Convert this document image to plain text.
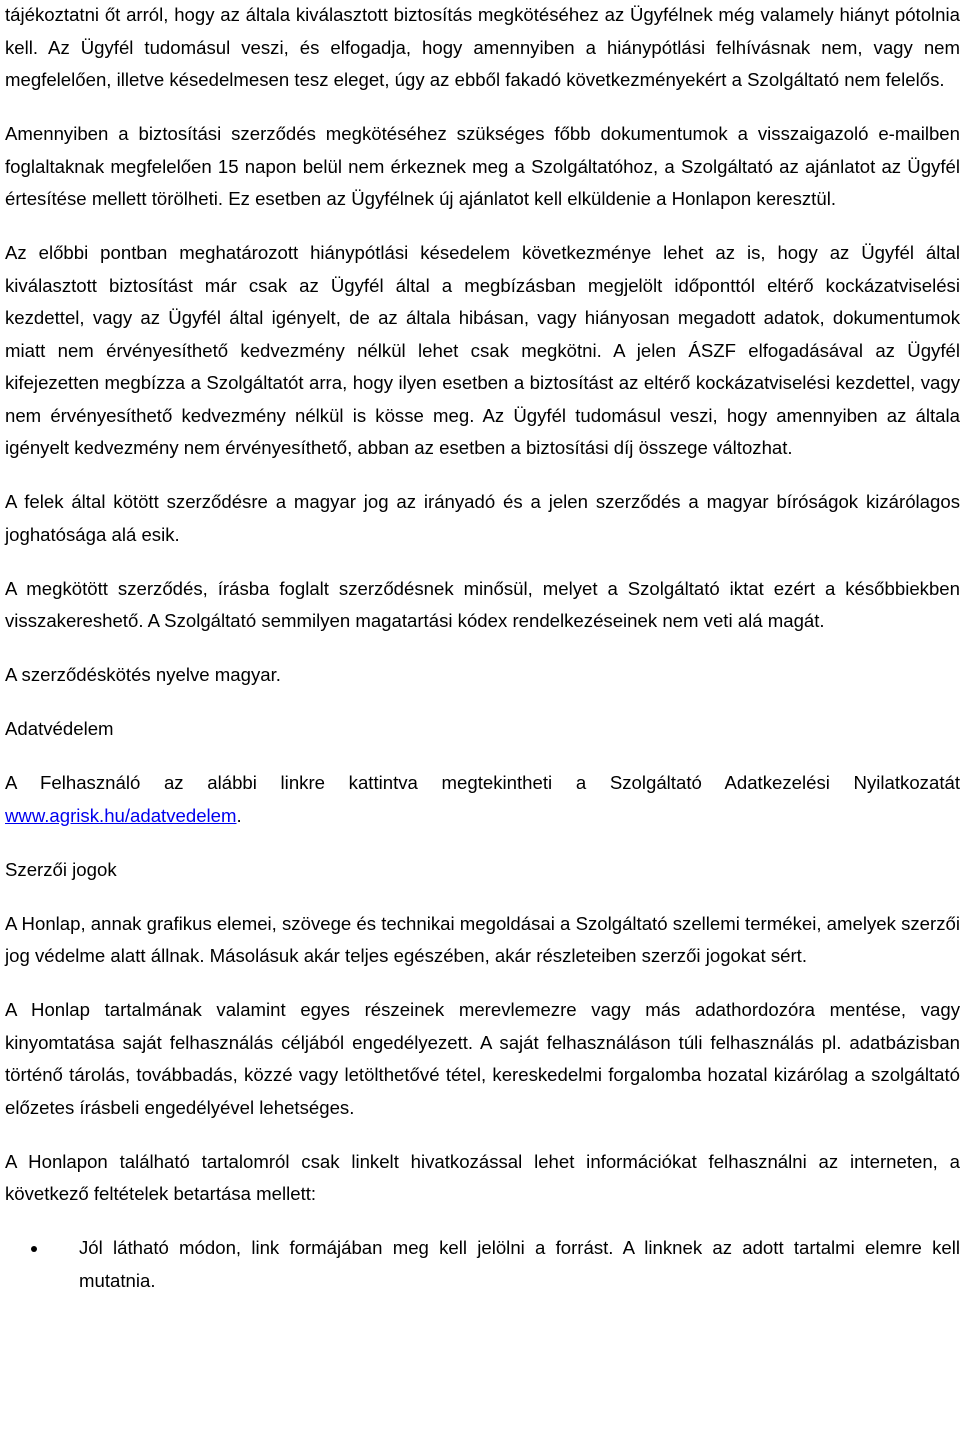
tájékoztatni őt arról, hogy az általa kiválasztott biztosítás megkötéséhez az Ügyfélnek még valamely hiányt pótolnia kell. Az Ügyfél tudomásul veszi, és elfogadja, hogy amennyiben a hiánypótlási felhívásnak nem, vagy nem megfelelően, illetve késedelmesen tesz eleget, úgy az ebből fakadó következményekért a Szolgáltató nem felelős.

Amennyiben a biztosítási szerződés megkötéséhez szükséges főbb dokumentumok a visszaigazoló e-mailben foglaltaknak megfelelően 15 napon belül nem érkeznek meg a Szolgáltatóhoz, a Szolgáltató az ajánlatot az Ügyfél értesítése mellett törölheti. Ez esetben az Ügyfélnek új ajánlatot kell elküldenie a Honlapon keresztül.

Az előbbi pontban meghatározott hiánypótlási késedelem következménye lehet az is, hogy az Ügyfél által kiválasztott biztosítást már csak az Ügyfél által a megbízásban megjelölt időponttól eltérő kockázatviselési kezdettel, vagy az Ügyfél által igényelt, de az általa hibásan, vagy hiányosan megadott adatok, dokumentumok miatt nem érvényesíthető kedvezmény nélkül lehet csak megkötni. A jelen ÁSZF elfogadásával az Ügyfél kifejezetten megbízza a Szolgáltatót arra, hogy ilyen esetben a biztosítást az eltérő kockázatviselési kezdettel, vagy nem érvényesíthető kedvezmény nélkül is kösse meg. Az Ügyfél tudomásul veszi, hogy amennyiben az általa igényelt kedvezmény nem érvényesíthető, abban az esetben a biztosítási díj összege változhat.

A felek által kötött szerződésre a magyar jog az irányadó és a jelen szerződés a magyar bíróságok kizárólagos joghatósága alá esik.

A megkötött szerződés, írásba foglalt szerződésnek minősül, melyet a Szolgáltató iktat ezért a későbbiekben visszakereshető. A Szolgáltató semmilyen magatartási kódex rendelkezéseinek nem veti alá magát.

A szerződéskötés nyelve magyar.

Adatvédelem

A Felhasználó az alábbi linkre kattintva megtekintheti a Szolgáltató Adatkezelési Nyilatkozatát www.agrisk.hu/adatvedelem.

Szerzői jogok

A Honlap, annak grafikus elemei, szövege és technikai megoldásai a Szolgáltató szellemi termékei, amelyek szerzői jog védelme alatt állnak. Másolásuk akár teljes egészében, akár részleteiben szerzői jogokat sért.

A Honlap tartalmának valamint egyes részeinek merevlemezre vagy más adathordozóra mentése, vagy kinyomtatása saját felhasználás céljából engedélyezett. A saját felhasználáson túli felhasználás pl. adatbázisban történő tárolás, továbbadás, közzé vagy letölthetővé tétel, kereskedelmi forgalomba hozatal kizárólag a szolgáltató előzetes írásbeli engedélyével lehetséges.

A Honlapon található tartalomról csak linkelt hivatkozással lehet információkat felhasználni az interneten, a következő feltételek betartása mellett:

Jól látható módon, link formájában meg kell jelölni a forrást. A linknek az adott tartalmi elemre kell mutatnia.
